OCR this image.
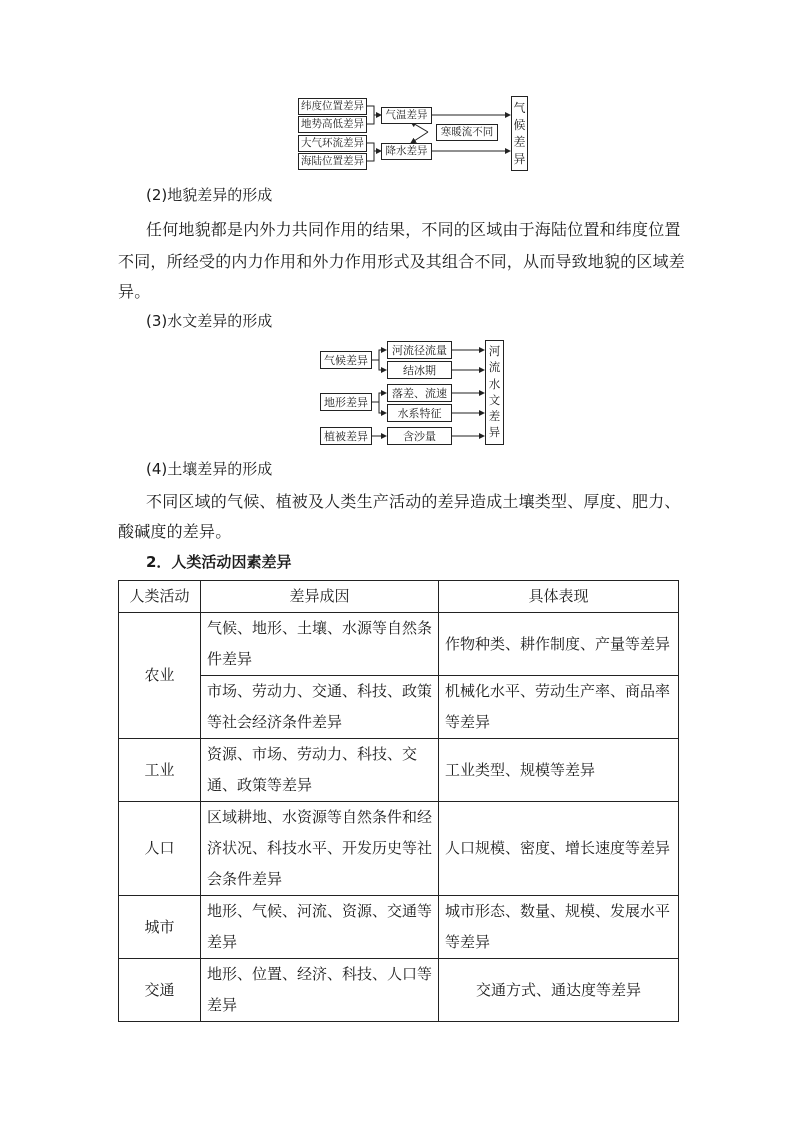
纬度位置差异
地势高低差异
大气环流差异
海陆位置差异
气温差异
降水差异
寒暖流不同
气
候
差
异
(2)地貌差异的形成
任何地貌都是内外力共同作用的结果，不同的区域由于海陆位置和纬度位置
不同，所经受的内力作用和外力作用形式及其组合不同，从而导致地貌的区域差
异。
(3)水文差异的形成
气候差异
地形差异
植被差异
河流径流量
结冰期
落差、流速
水系特征
含沙量
河
流
水
文
差
异
(4)土壤差异的形成
不同区域的气候、植被及人类生产活动的差异造成土壤类型、厚度、肥力、
酸碱度的差异。
2．人类活动因素差异
人类活动	差异成因	具体表现
农业	气候、地形、土壤、水源等自然条件差异	作物种类、耕作制度、产量等差异
	市场、劳动力、交通、科技、政策等社会经济条件差异	机械化水平、劳动生产率、商品率等差异
工业	资源、市场、劳动力、科技、交通、政策等差异	工业类型、规模等差异
人口	区域耕地、水资源等自然条件和经济状况、科技水平、开发历史等社会条件差异	人口规模、密度、增长速度等差异
城市	地形、气候、河流、资源、交通等差异	城市形态、数量、规模、发展水平等差异
交通	地形、位置、经济、科技、人口等差异	交通方式、通达度等差异
